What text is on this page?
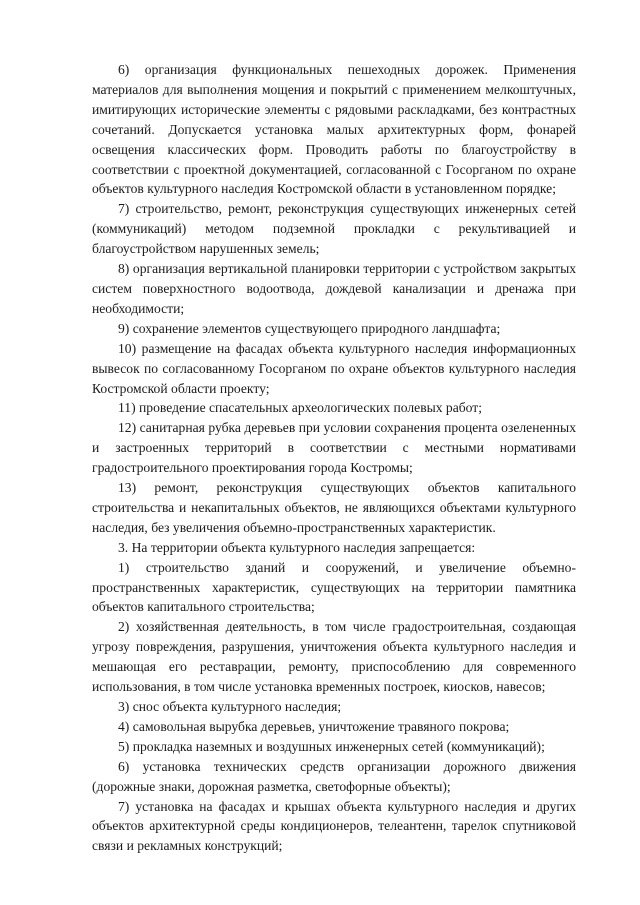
6) организация функциональных пешеходных дорожек. Применения материалов для выполнения мощения и покрытий с применением мелкоштучных, имитирующих исторические элементы с рядовыми раскладками, без контрастных сочетаний. Допускается установка малых архитектурных форм, фонарей освещения классических форм. Проводить работы по благоустройству в соответствии с проектной документацией, согласованной с Госорганом по охране объектов культурного наследия Костромской области в установленном порядке;

7) строительство, ремонт, реконструкция существующих инженерных сетей (коммуникаций) методом подземной прокладки с рекультивацией и благоустройством нарушенных земель;

8) организация вертикальной планировки территории с устройством закрытых систем поверхностного водоотвода, дождевой канализации и дренажа при необходимости;

9) сохранение элементов существующего природного ландшафта;

10) размещение на фасадах объекта культурного наследия информационных вывесок по согласованному Госорганом по охране объектов культурного наследия Костромской области проекту;

11) проведение спасательных археологических полевых работ;

12) санитарная рубка деревьев при условии сохранения процента озелененных и застроенных территорий в соответствии с местными нормативами градостроительного проектирования города Костромы;

13) ремонт, реконструкция существующих объектов капитального строительства и некапитальных объектов, не являющихся объектами культурного наследия, без увеличения объемно-пространственных характеристик.

3. На территории объекта культурного наследия запрещается:

1) строительство зданий и сооружений, и увеличение объемно-пространственных характеристик, существующих на территории памятника объектов капитального строительства;

2) хозяйственная деятельность, в том числе градостроительная, создающая угрозу повреждения, разрушения, уничтожения объекта культурного наследия и мешающая его реставрации, ремонту, приспособлению для современного использования, в том числе установка временных построек, киосков, навесов;

3) снос объекта культурного наследия;

4) самовольная вырубка деревьев, уничтожение травяного покрова;

5) прокладка наземных и воздушных инженерных сетей (коммуникаций);

6) установка технических средств организации дорожного движения (дорожные знаки, дорожная разметка, светофорные объекты);

7) установка на фасадах и крышах объекта культурного наследия и других объектов архитектурной среды кондиционеров, телеантенн, тарелок спутниковой связи и рекламных конструкций;
